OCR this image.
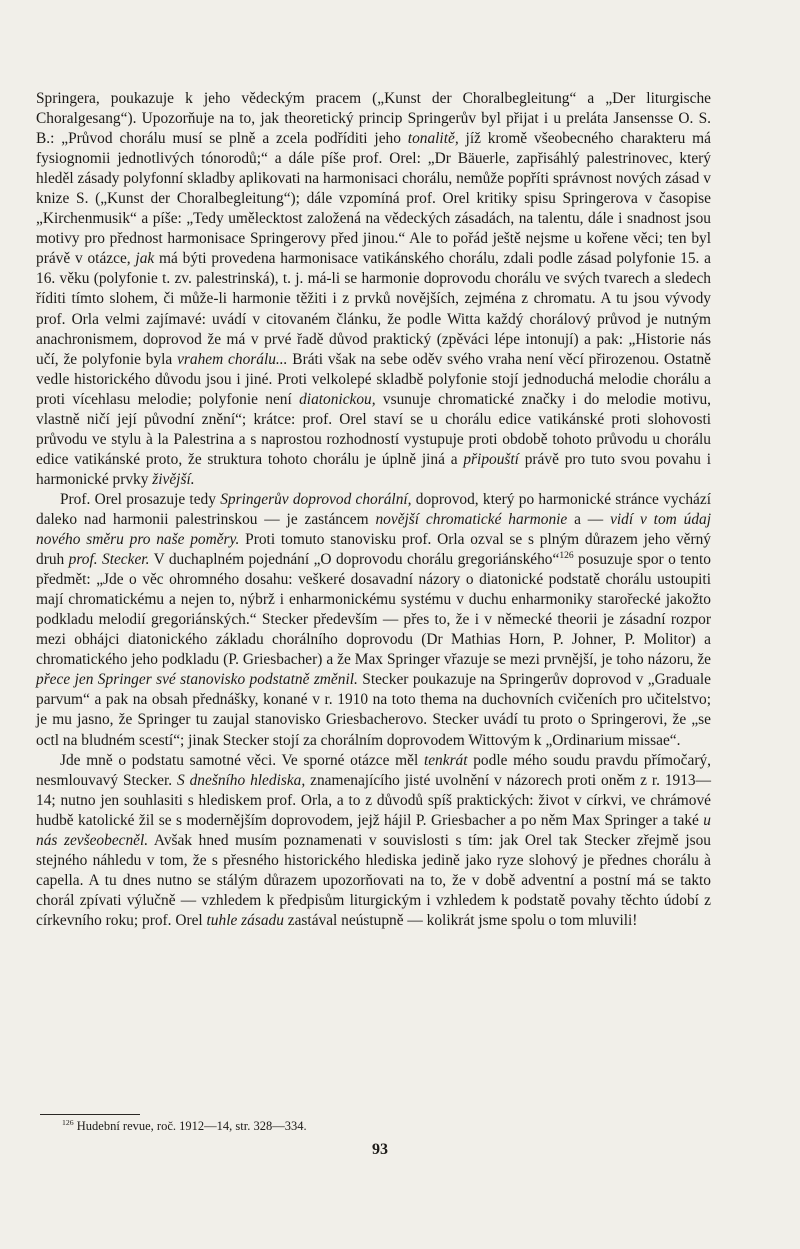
Springera, poukazuje k jeho vědeckým pracem („Kunst der Choralbegleitung“ a „Der liturgische Choralgesang“). Upozorňuje na to, jak theoretický princip Springerův byl přijat i u preláta Jansensse O. S. B.: „Průvod chorálu musí se plně a zcela podříditi jeho tonalitě, jíž kromě všeobecného charakteru má fysiognomii jednotlivých tónorodů;“ a dále píše prof. Orel: „Dr Bäuerle, zapřisáhlý palestrinovec, který hleděl zásady polyfonní skladby aplikovati na harmonisaci chorálu, nemůže popříti správnost nových zásad v knize S. („Kunst der Choralbegleitung“); dále vzpomíná prof. Orel kritiky spisu Springerova v časopise „Kirchenmusik“ a píše: „Tedy umělecktost založená na vědeckých zásadách, na talentu, dále i snadnost jsou motivy pro přednost harmonisace Springerovy před jinou.“ Ale to pořád ještě nejsme u kořene věci; ten byl právě v otázce, jak má býti provedena harmonisace vatikánského chorálu, zdali podle zásad polyfonie 15. a 16. věku (polyfonie t. zv. palestrinská), t. j. má-li se harmonie doprovodu chorálu ve svých tvarech a sledech říditi tímto slohem, či může-li harmonie těžiti i z prvků novějších, zejména z chromatu. A tu jsou vývody prof. Orla velmi zajímavé: uvádí v citovaném článku, že podle Witta každý chorálový průvod je nutným anachronismem, doprovod že má v prvé řadě důvod praktický (zpěváci lépe intonují) a pak: „Historie nás učí, že polyfonie byla vrahem chorálu... Bráti však na sebe oděv svého vraha není věcí přirozenou. Ostatně vedle historického důvodu jsou i jiné. Proti velkolepé skladbě polyfonie stojí jednoduchá melodie chorálu a proti vícehlasu melodie; polyfonie není diatonickou, vsunuje chromatické značky i do melodie motivu, vlastně ničí její původní znění“; krátce: prof. Orel staví se u chorálu edice vatikánské proti slohovosti průvodu ve stylu à la Palestrina a s naprostou rozhodností vystupuje proti obdobě tohoto průvodu u chorálu edice vatikánské proto, že struktura tohoto chorálu je úplně jiná a připouští právě pro tuto svou povahu i harmonické prvky živější.

Prof. Orel prosazuje tedy Springerův doprovod chorální, doprovod, který po harmonické stránce vychází daleko nad harmonii palestrinskou — je zastáncem novější chromatické harmonie a — vidí v tom údaj nového směru pro naše poměry. Proti tomuto stanovisku prof. Orla ozval se s plným důrazem jeho věrný druh prof. Stecker. V duchaplném pojednání „O doprovodu chorálu gregoriánského“$^{126}$ posuzuje spor o tento předmět: „Jde o věc ohromného dosahu: veškeré dosavadní názory o diatonické podstatě chorálu ustoupiti mají chromatickému a nejen to, nýbrž i enharmonickému systému v duchu enharmoniky starořecké jakožto podkladu melodií gregoriánských.“ Stecker především — přes to, že i v německé theorii je zásadní rozpor mezi obhájci diatonického základu chorálního doprovodu (Dr Mathias Horn, P. Johner, P. Molitor) a chromatického jeho podkladu (P. Griesbacher) a že Max Springer vřazuje se mezi prvnější, je toho názoru, že přece jen Springer své stanovisko podstatně změnil. Stecker poukazuje na Springerův doprovod v „Graduale parvum“ a pak na obsah přednášky, konané v r. 1910 na toto thema na duchovních cvičeních pro učitelstvo; je mu jasno, že Springer tu zaujal stanovisko Griesbacherovo. Stecker uvádí tu proto o Springerovi, že „se octl na bludném scestí“; jinak Stecker stojí za chorálním doprovodem Wittovým k „Ordinarium missae“.

Jde mně o podstatu samotné věci. Ve sporné otázce měl tenkrát podle mého soudu pravdu přímočarý, nesmlouvavý Stecker. S dnešního hlediska, znamenajícího jisté uvolnění v názorech proti oněm z r. 1913—14; nutno jen souhlasiti s hlediskem prof. Orla, a to z důvodů spíš praktických: život v církvi, ve chrámové hudbě katolické žil se s modernějším doprovodem, jejž hájil P. Griesbacher a po něm Max Springer a také u nás zevšeobecněl. Avšak hned musím poznamenati v souvislosti s tím: jak Orel tak Stecker zřejmě jsou stejného náhledu v tom, že s přesného historického hlediska jedině jako ryze slohový je přednes chorálu à capella. A tu dnes nutno se stálým důrazem upozorňovati na to, že v době adventní a postní má se takto chorál zpívati výlučně — vzhledem k předpisům liturgickým i vzhledem k podstatě povahy těchto údobí z církevního roku; prof. Orel tuhle zásadu zastával neústupně — kolikrát jsme spolu o tom mluvili!

$^{126}$ Hudební revue, roč. 1912—14, str. 328—334.
93
